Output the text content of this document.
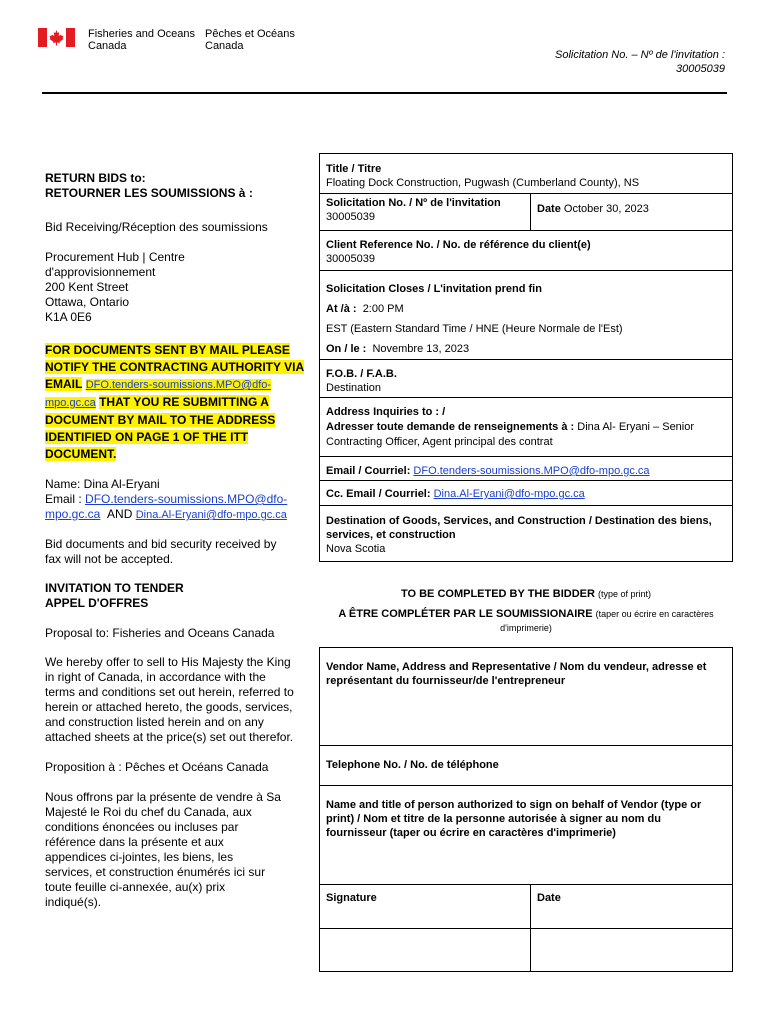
Fisheries and Oceans
Canada
Pêches et Océans
Canada
Solicitation No. – Nº de l'invitation :
30005039
RETURN BIDS to:
RETOURNER LES SOUMISSIONS à :
Bid Receiving/Réception des soumissions
Procurement Hub | Centre
d'approvisionnement
200 Kent Street
Ottawa, Ontario
K1A 0E6
FOR DOCUMENTS SENT BY MAIL PLEASE
NOTIFY THE CONTRACTING AUTHORITY VIA
EMAIL DFO.tenders-soumissions.MPO@dfo-
mpo.gc.ca THAT YOU RE SUBMITTING A
DOCUMENT BY MAIL TO THE ADDRESS
IDENTIFIED ON PAGE 1 OF THE ITT
DOCUMENT.
Name: Dina Al-Eryani
Email : DFO.tenders-soumissions.MPO@dfo-
mpo.gc.ca AND Dina.Al-Eryani@dfo-mpo.gc.ca
Bid documents and bid security received by
fax will not be accepted.
INVITATION TO TENDER
APPEL D'OFFRES
Proposal to: Fisheries and Oceans Canada
We hereby offer to sell to His Majesty the King
in right of Canada, in accordance with the
terms and conditions set out herein, referred to
herein or attached hereto, the goods, services,
and construction listed herein and on any
attached sheets at the price(s) set out therefor.
Proposition à : Pêches et Océans Canada
Nous offrons par la présente de vendre à Sa
Majesté le Roi du chef du Canada, aux
conditions énoncées ou incluses par
référence dans la présente et aux
appendices ci-jointes, les biens, les
services, et construction énumérés ici sur
toute feuille ci-annexée, au(x) prix
indiqué(s).
Title / Titre
Floating Dock Construction, Pugwash (Cumberland County), NS
Solicitation No. / Nº de l'invitation
30005039
Date October 30, 2023
Client Reference No. / No. de référence du client(e)
30005039
Solicitation Closes / L'invitation prend fin
At /à : 2:00 PM
EST (Eastern Standard Time / HNE (Heure Normale de l'Est)
On / le : Novembre 13, 2023
F.O.B. / F.A.B.
Destination
Address Inquiries to : /
Adresser toute demande de renseignements à : Dina Al- Eryani – Senior
Contracting Officer, Agent principal des contrat
Email / Courriel: DFO.tenders-soumissions.MPO@dfo-mpo.gc.ca
Cc. Email / Courriel: Dina.Al-Eryani@dfo-mpo.gc.ca
Destination of Goods, Services, and Construction / Destination des biens,
services, et construction
Nova Scotia
TO BE COMPLETED BY THE BIDDER (type of print)
A ÊTRE COMPLÉTER PAR LE SOUMISSIONAIRE (taper ou écrire en caractères
d'imprimerie)
Vendor Name, Address and Representative / Nom du vendeur, adresse et
représentant du fournisseur/de l'entrepreneur
Telephone No. / No. de téléphone
Name and title of person authorized to sign on behalf of Vendor (type or
print) / Nom et titre de la personne autorisée à signer au nom du
fournisseur (taper ou écrire en caractères d'imprimerie)
Signature	Date
